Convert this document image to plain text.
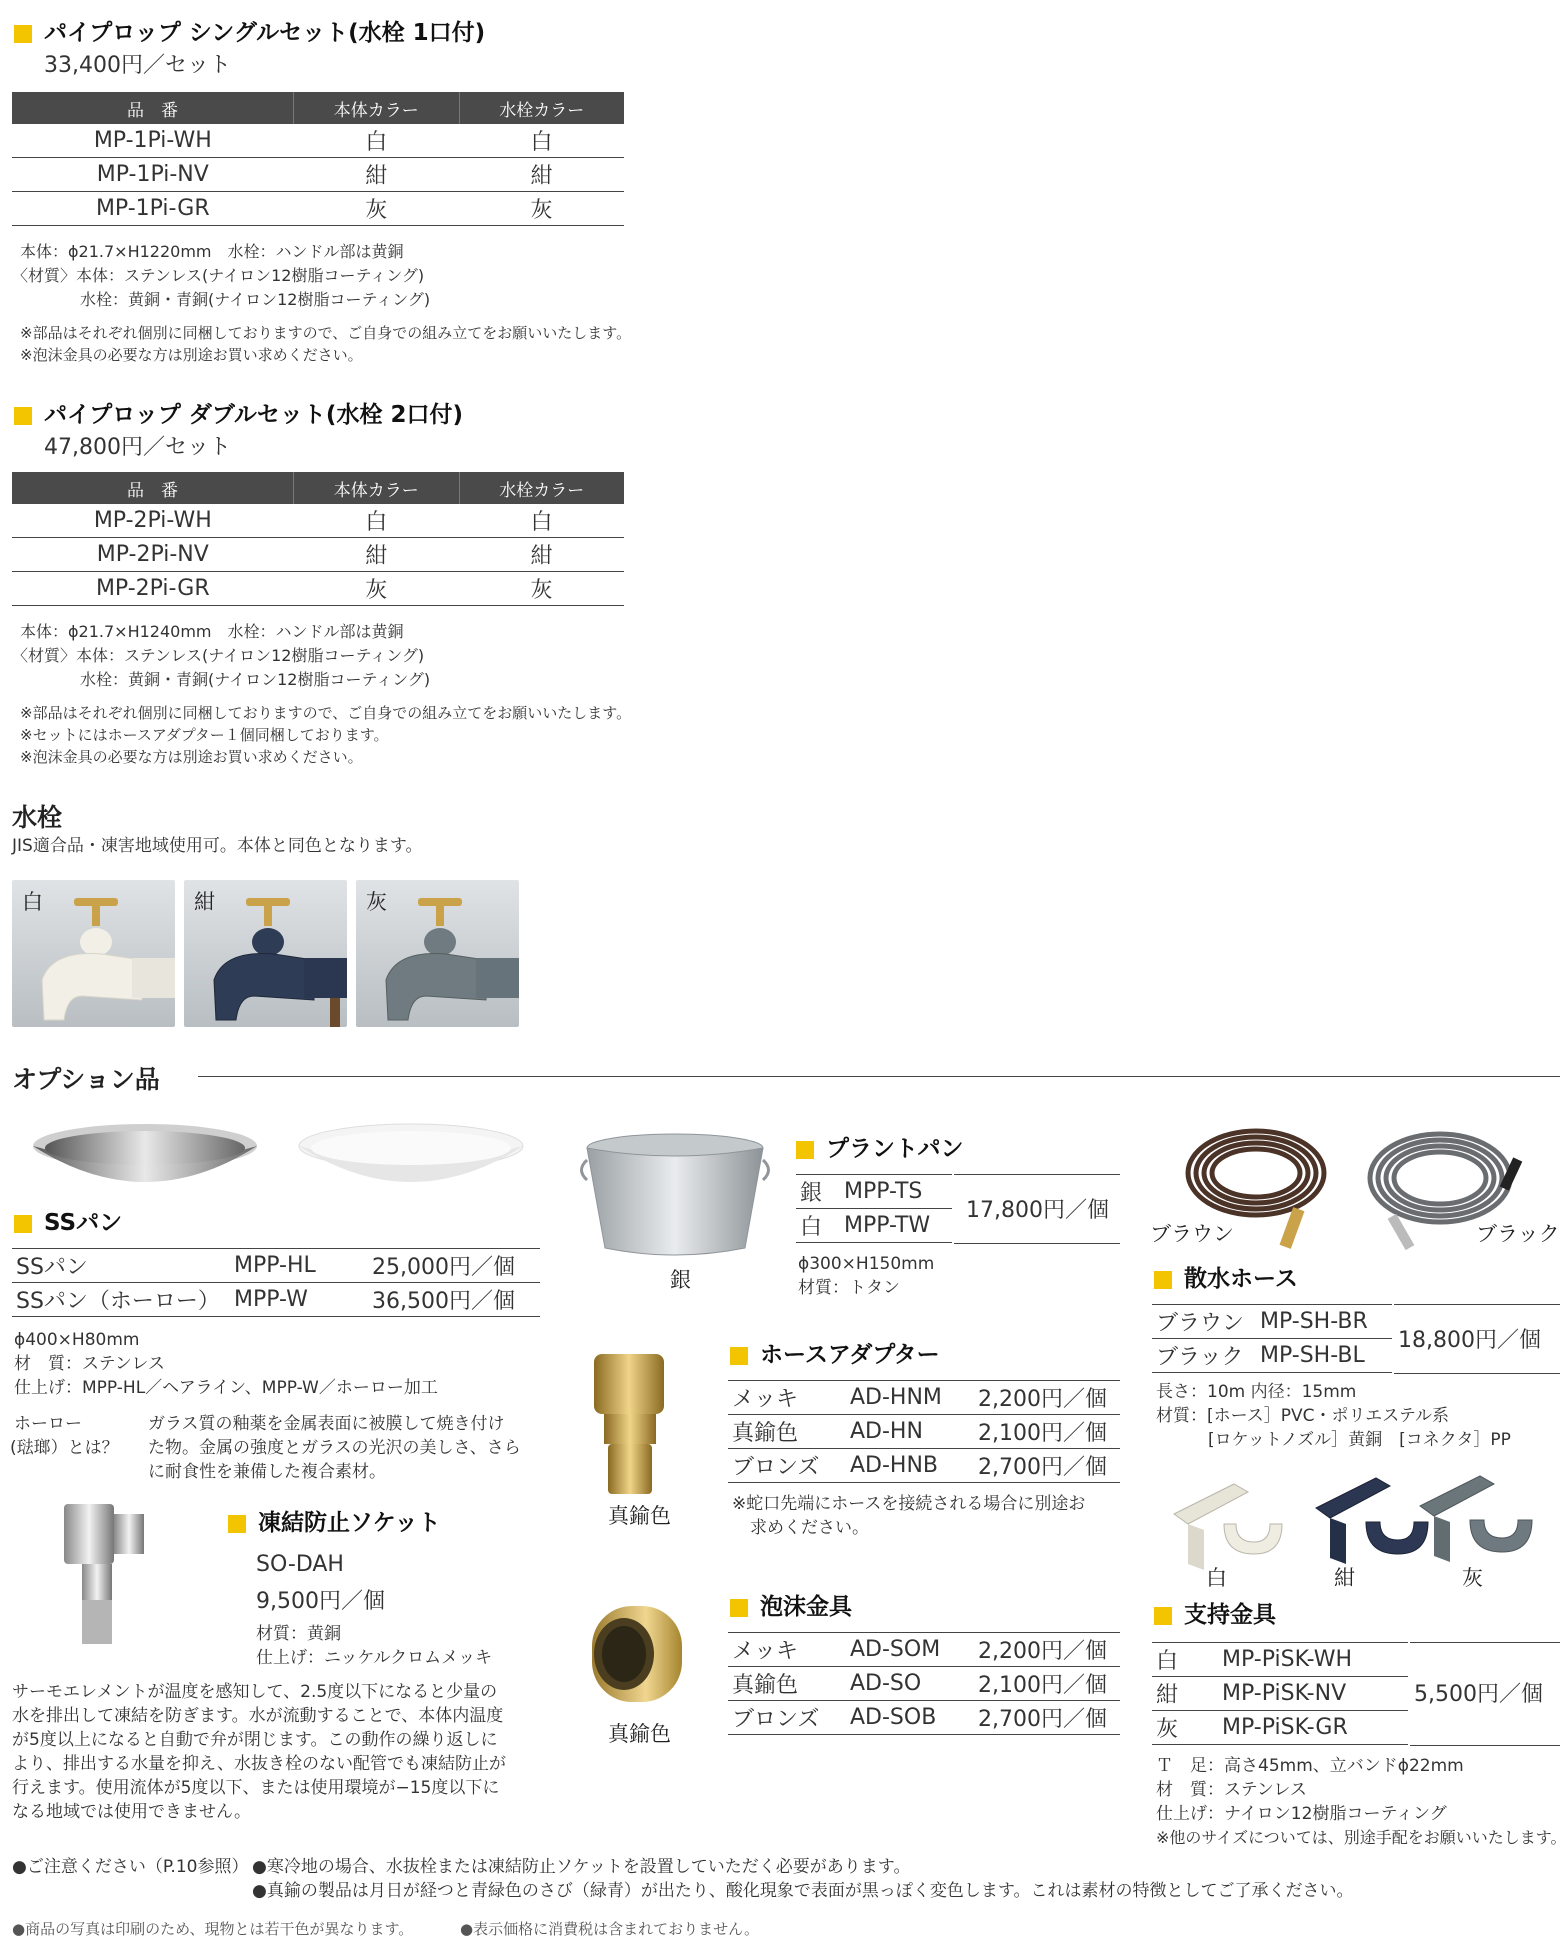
パイプロップ シングルセット(水栓 1口付)
33,400円／セット
品　番	本体カラー	水栓カラー
MP-1Pi-WH	白	白
MP-1Pi-NV	紺	紺
MP-1Pi-GR	灰	灰
本体：ϕ21.7×H1220mm　水栓：ハンドル部は黄銅
〈材質〉本体：ステンレス(ナイロン12樹脂コーティング)
水栓：黄銅・青銅(ナイロン12樹脂コーティング)
※部品はそれぞれ個別に同梱しておりますので、ご自身での組み立てをお願いいたします。
※泡沫金具の必要な方は別途お買い求めください。
パイプロップ ダブルセット(水栓 2口付)
47,800円／セット
品　番	本体カラー	水栓カラー
MP-2Pi-WH	白	白
MP-2Pi-NV	紺	紺
MP-2Pi-GR	灰	灰
本体：ϕ21.7×H1240mm　水栓：ハンドル部は黄銅
〈材質〉本体：ステンレス(ナイロン12樹脂コーティング)
水栓：黄銅・青銅(ナイロン12樹脂コーティング)
※部品はそれぞれ個別に同梱しておりますので、ご自身での組み立てをお願いいたします。
※セットにはホースアダプター１個同梱しております。
※泡沫金具の必要な方は別途お買い求めください。
水栓
JIS適合品・凍害地域使用可。本体と同色となります。
白	紺	灰
オプション品
SSパン
SSパン	MPP-HL	25,000円／個
SSパン（ホーロー）	MPP-W	36,500円／個
ϕ400×H80mm
材　質：ステンレス
仕上げ：MPP-HL／ヘアライン、MPP-W／ホーロー加工
ホーロー
(琺瑯）とは？
ガラス質の釉薬を金属表面に被膜して焼き付け
た物。金属の強度とガラスの光沢の美しさ、さら
に耐食性を兼備した複合素材。
凍結防止ソケット
SO-DAH
9,500円／個
材質：黄銅
仕上げ：ニッケルクロムメッキ
サーモエレメントが温度を感知して、2.5度以下になると少量の
水を排出して凍結を防ぎます。水が流動することで、本体内温度
が5度以上になると自動で弁が閉じます。この動作の繰り返しに
より、排出する水量を抑え、水抜き栓のない配管でも凍結防止が
行えます。使用流体が5度以下、または使用環境が−15度以下に
なる地域では使用できません。
銀
プラントパン
銀	MPP-TS
白	MPP-TW
17,800円／個
ϕ300×H150mm
材質：トタン
真鍮色
ホースアダプター
メッキ	AD-HNM	2,200円／個
真鍮色	AD-HN	2,100円／個
ブロンズ	AD-HNB	2,700円／個
※蛇口先端にホースを接続される場合に別途お
求めください。
真鍮色
泡沫金具
メッキ	AD-SOM	2,200円／個
真鍮色	AD-SO	2,100円／個
ブロンズ	AD-SOB	2,700円／個
ブラウン	ブラック
散水ホース
ブラウン	MP-SH-BR
ブラック	MP-SH-BL
18,800円／個
長さ：10m 内径：15mm
材質：[ホース］PVC・ポリエステル系
[ロケットノズル］黄銅　[コネクタ］PP
白	紺	灰
支持金具
白	MP-PiSK-WH
紺	MP-PiSK-NV
灰	MP-PiSK-GR
5,500円／個
Ｔ　足：高さ45mm、立バンドϕ22mm
材　質：ステンレス
仕上げ：ナイロン12樹脂コーティング
※他のサイズについては、別途手配をお願いいたします。
●ご注意ください（P.10参照） ●寒冷地の場合、水抜栓または凍結防止ソケットを設置していただく必要があります。
●真鍮の製品は月日が経つと青緑色のさび（緑青）が出たり、酸化現象で表面が黒っぽく変色します。これは素材の特徴としてご了承ください。
●商品の写真は印刷のため、現物とは若干色が異なります。	●表示価格に消費税は含まれておりません。
